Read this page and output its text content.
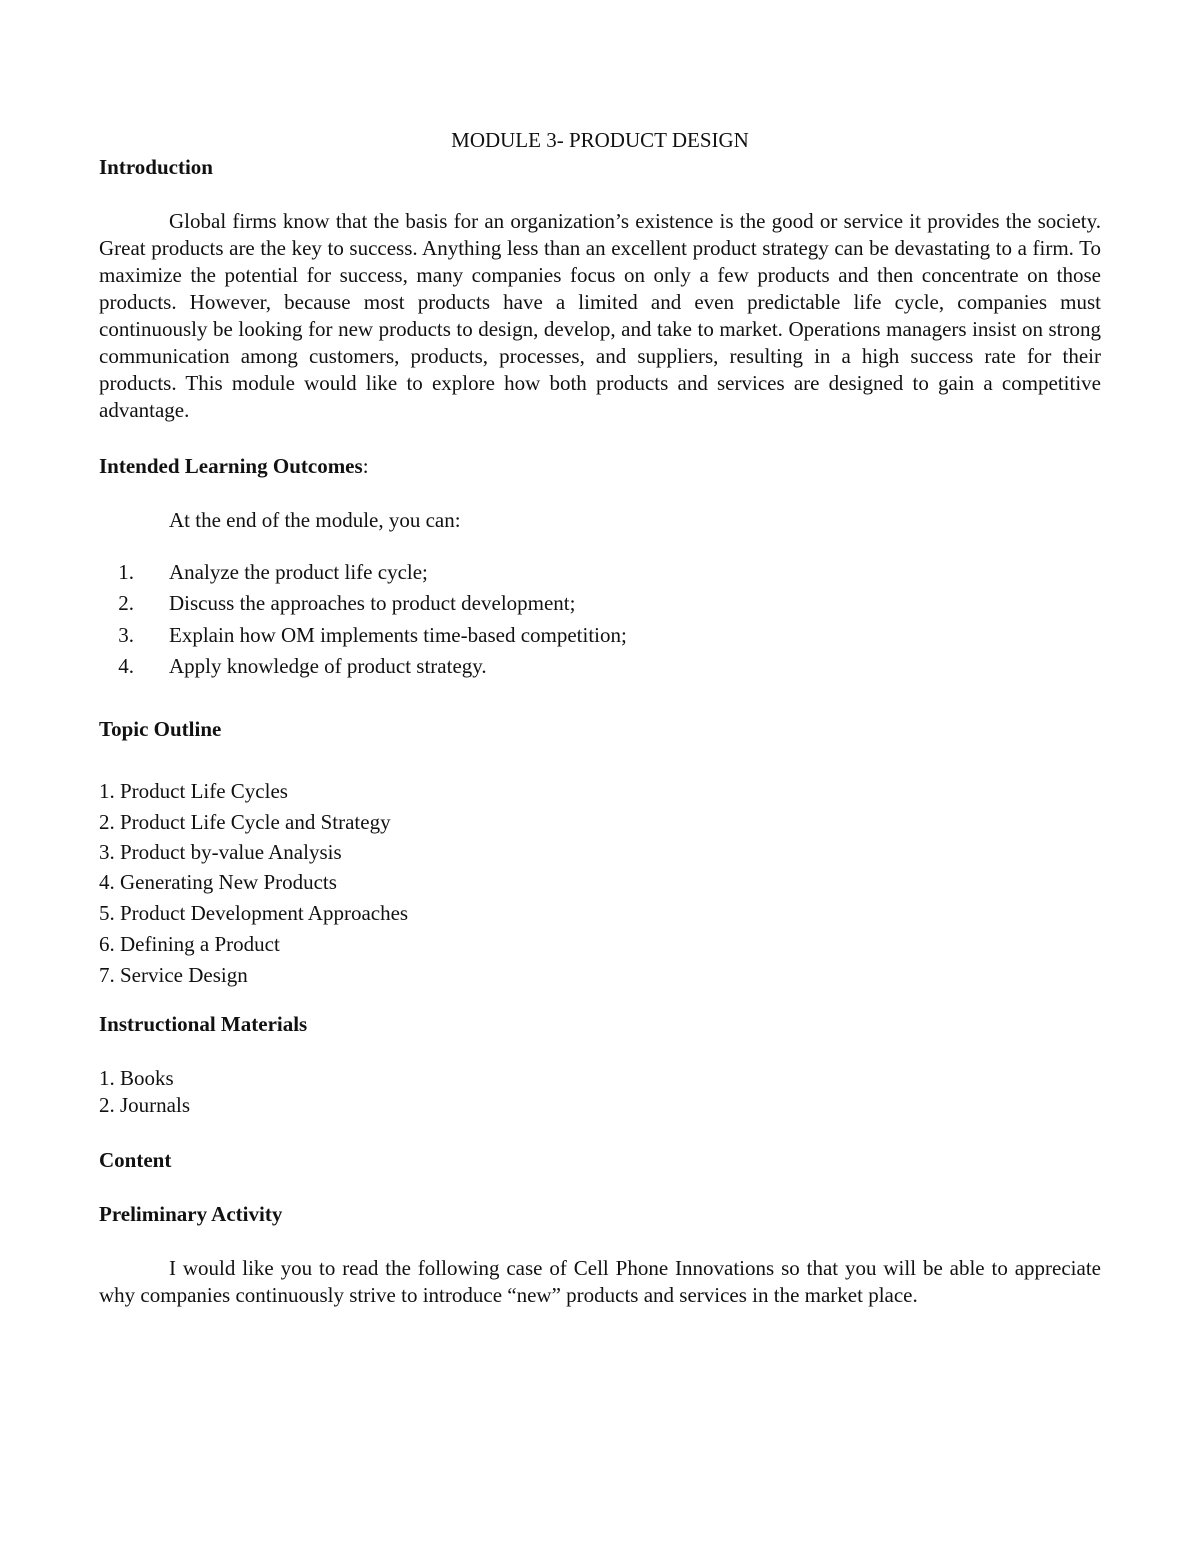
MODULE 3- PRODUCT DESIGN
Introduction
Global firms know that the basis for an organization’s existence is the good or service it provides the society. Great products are the key to success. Anything less than an excellent product strategy can be devastating to a firm. To maximize the potential for success, many companies focus on only a few products and then concentrate on those products. However, because most products have a limited and even predictable life cycle, companies must continuously be looking for new products to design, develop, and take to market. Operations managers insist on strong communication among customers, products, processes, and suppliers, resulting in a high success rate for their products. This module would like to explore how both products and services are designed to gain a competitive advantage.
Intended Learning Outcomes:
At the end of the module, you can:
1. Analyze the product life cycle;
2. Discuss the approaches to product development;
3. Explain how OM implements time-based competition;
4. Apply knowledge of product strategy.
Topic Outline
1. Product Life Cycles
2. Product Life Cycle and Strategy
3. Product by-value Analysis
4. Generating New Products
5. Product Development Approaches
6. Defining a Product
7. Service Design
Instructional Materials
1. Books
2. Journals
Content
Preliminary Activity
I would like you to read the following case of Cell Phone Innovations so that you will be able to appreciate why companies continuously strive to introduce “new” products and services in the market place.
